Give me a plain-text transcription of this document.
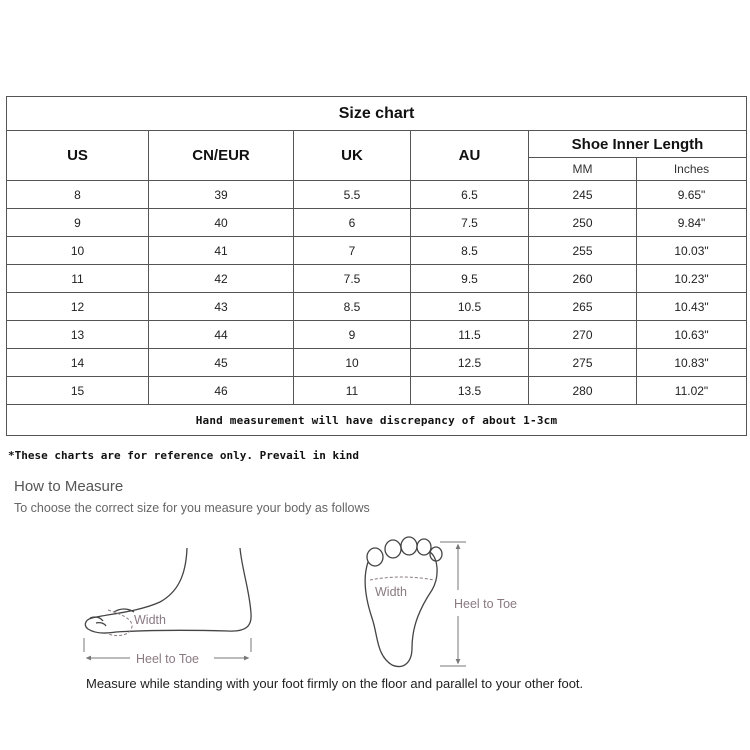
Size chart					
US	CN/EUR	UK	AU	Shoe Inner Length	
				MM	Inches
8	39	5.5	6.5	245	9.65"
9	40	6	7.5	250	9.84"
10	41	7	8.5	255	10.03"
11	42	7.5	9.5	260	10.23"
12	43	8.5	10.5	265	10.43"
13	44	9	11.5	270	10.63"
14	45	10	12.5	275	10.83"
15	46	11	13.5	280	11.02"
Hand measurement will have discrepancy of about 1-3cm					
*These charts are for reference only. Prevail in kind
How to Measure
To choose the correct size for you measure your body as follows
Width
Heel to Toe
Width
Heel to Toe
Measure while standing with your foot firmly on the floor and parallel to your other foot.
